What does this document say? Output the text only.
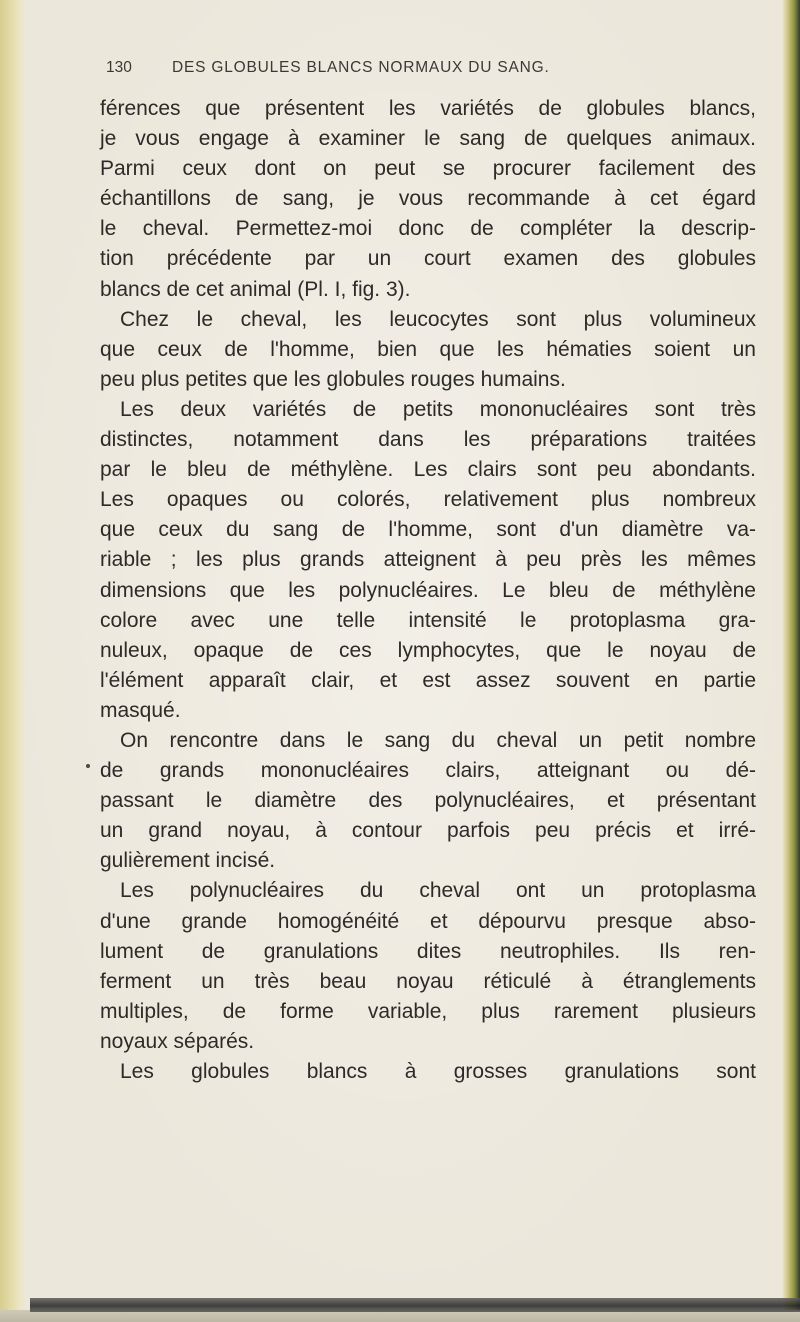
130	DES GLOBULES BLANCS NORMAUX DU SANG.
férences que présentent les variétés de globules blancs,
je vous engage à examiner le sang de quelques animaux.
Parmi ceux dont on peut se procurer facilement des
échantillons de sang, je vous recommande à cet égard
le cheval. Permettez-moi donc de compléter la descrip-
tion précédente par un court examen des globules
blancs de cet animal (Pl. I, fig. 3).
Chez le cheval, les leucocytes sont plus volumineux
que ceux de l'homme, bien que les hématies soient un
peu plus petites que les globules rouges humains.
Les deux variétés de petits mononucléaires sont très
distinctes, notamment dans les préparations traitées
par le bleu de méthylène. Les clairs sont peu abondants.
Les opaques ou colorés, relativement plus nombreux
que ceux du sang de l'homme, sont d'un diamètre va-
riable ; les plus grands atteignent à peu près les mêmes
dimensions que les polynucléaires. Le bleu de méthylène
colore avec une telle intensité le protoplasma gra-
nuleux, opaque de ces lymphocytes, que le noyau de
l'élément apparaît clair, et est assez souvent en partie
masqué.
On rencontre dans le sang du cheval un petit nombre
de grands mononucléaires clairs, atteignant ou dé-
passant le diamètre des polynucléaires, et présentant
un grand noyau, à contour parfois peu précis et irré-
gulièrement incisé.
Les polynucléaires du cheval ont un protoplasma
d'une grande homogénéité et dépourvu presque abso-
lument de granulations dites neutrophiles. Ils ren-
ferment un très beau noyau réticulé à étranglements
multiples, de forme variable, plus rarement plusieurs
noyaux séparés.
Les globules blancs à grosses granulations sont
